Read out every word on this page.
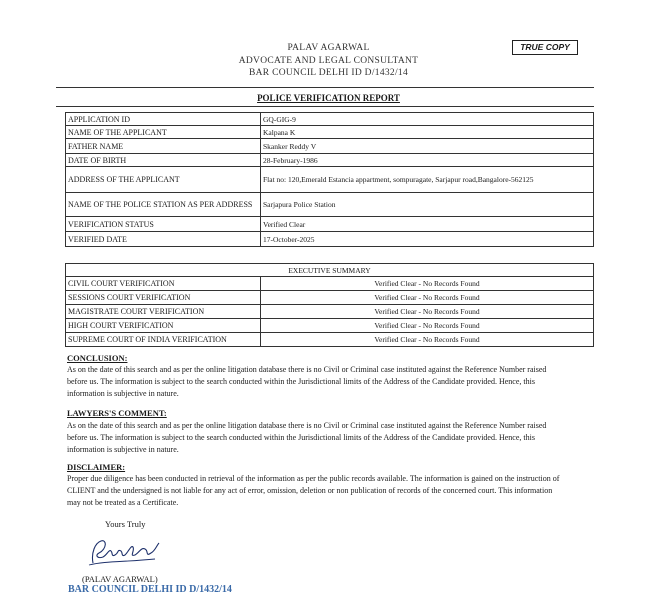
PALAV AGARWAL
ADVOCATE AND LEGAL CONSULTANT
BAR COUNCIL DELHI ID D/1432/14
TRUE COPY
POLICE VERIFICATION REPORT
APPLICATION ID	GQ-GIG-9
NAME OF THE APPLICANT	Kalpana K
FATHER NAME	Skanker Reddy V
DATE OF BIRTH	28-February-1986
ADDRESS OF THE APPLICANT	Flat no: 120,Emerald Estancia appartment, sompuragate, Sarjapur road,Bangalore-562125
NAME OF THE POLICE STATION AS PER ADDRESS	Sarjapura Police Station
VERIFICATION STATUS	Verified Clear
VERIFIED DATE	17-October-2025
EXECUTIVE SUMMARY	
CIVIL COURT VERIFICATION	Verified Clear - No Records Found
SESSIONS COURT VERIFICATION	Verified Clear - No Records Found
MAGISTRATE COURT VERIFICATION	Verified Clear - No Records Found
HIGH COURT VERIFICATION	Verified Clear - No Records Found
SUPREME COURT OF INDIA VERIFICATION	Verified Clear - No Records Found
CONCLUSION:
As on the date of this search and as per the online litigation database there is no Civil or Criminal case instituted against the Reference Number raised before us. The information is subject to the search conducted within the Jurisdictional limits of the Address of the Candidate provided. Hence, this information is subjective in nature.
LAWYERS'S COMMENT:
As on the date of this search and as per the online litigation database there is no Civil or Criminal case instituted against the Reference Number raised before us. The information is subject to the search conducted within the Jurisdictional limits of the Address of the Candidate provided. Hence, this information is subjective in nature.
DISCLAIMER:
Proper due diligence has been conducted in retrieval of the information as per the public records available. The information is gained on the instruction of CLIENT and the undersigned is not liable for any act of error, omission, deletion or non publication of records of the concerned court. This information may not be treated as a Certificate.
Yours Truly
(PALAV AGARWAL)
BAR COUNCIL DELHI ID D/1432/14
